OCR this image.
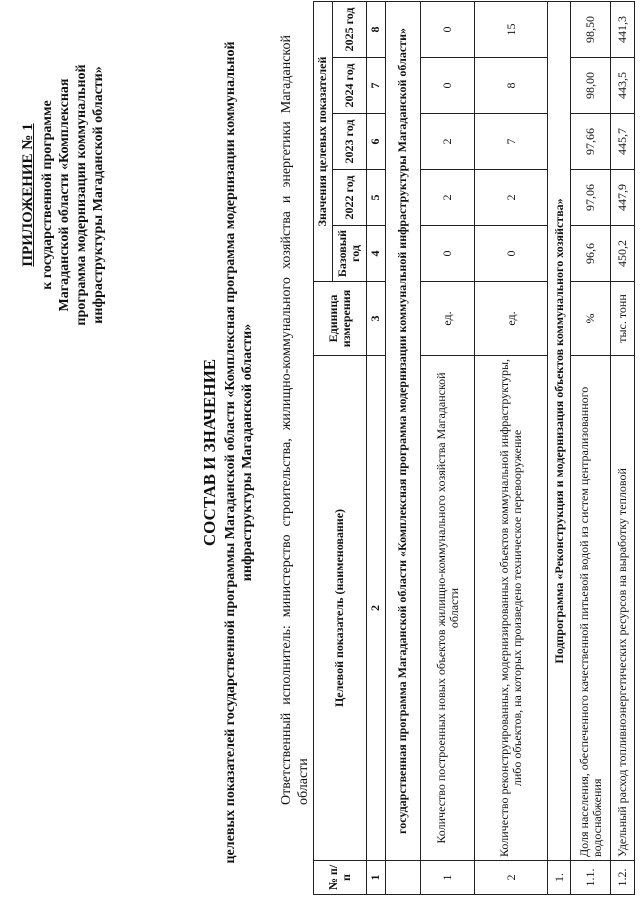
ПРИЛОЖЕНИЕ № 1 к государственной программе Магаданской области «Комплексная программа модернизации коммунальной инфраструктуры Магаданской области»
СОСТАВ И ЗНАЧЕНИЕ целевых показателей государственной программы Магаданской области «Комплексная программа модернизации коммунальной инфраструктуры Магаданской области» Ответственный исполнитель: министерство строительства, жилищно-коммунального хозяйства и энергетики Магаданской области
№ п/п	Целевой показатель (наименование)	Единица измерения	Значения целевых показателей				
			Базовый год	2022 год	2023 год	2024 год	2025 год
1	2	3	4	5	6	7	8
	государственная программа Магаданской области «Комплексная программа модернизации коммунальной инфраструктуры Магаданской области»						
1	Количество построенных новых объектов жилищно-коммунального хозяйства Магаданской области	ед.	0	2	2	0	0
2	Количество реконструированных, модернизированных объектов коммунальной инфраструктуры, либо объектов, на которых произведено техническое перевооружение	ед.	0	2	7	8	15
1.	Подпрограмма «Реконструкция и модернизация объектов коммунального хозяйства»						
1.1.	Доля населения, обеспеченного качественной питьевой водой из систем централизованного водоснабжения	%	96,6	97,06	97,66	98,00	98,50
1.2.	Удельный расход топливноэнергетических ресурсов на выработку тепловой	тыс. тонн	450,2	447,9	445,7	443,5	441,3
